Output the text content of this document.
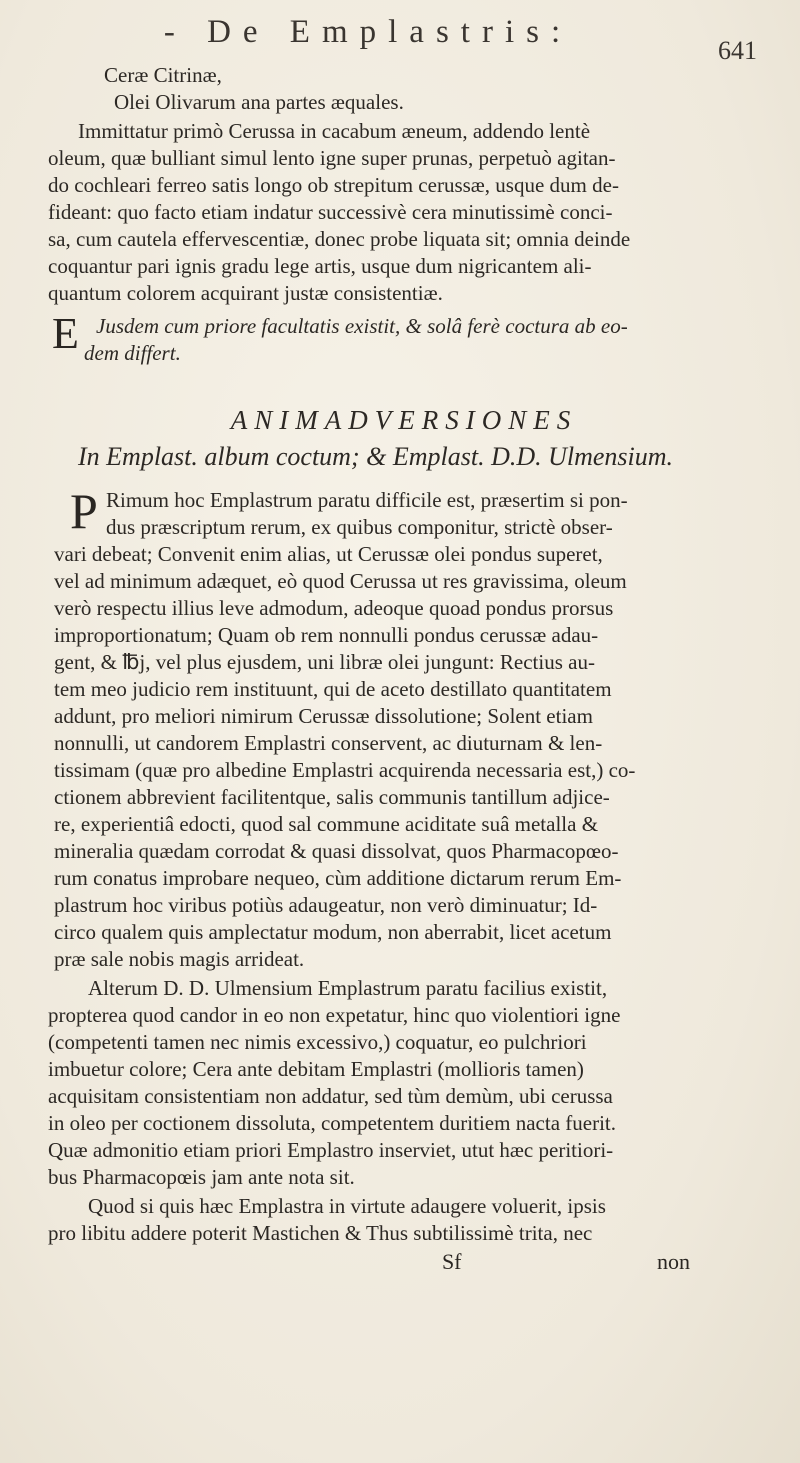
- De Emplastris:
641
Ceræ Citrinæ,
Olei Olivarum ana partes æquales.
Immittatur primò Cerussa in cacabum æneum, addendo lentè
oleum, quæ bulliant simul lento igne super prunas, perpetuò agitan-
do cochleari ferreo satis longo ob strepitum cerussæ, usque dum de-
fideant: quo facto etiam indatur successivè cera minutissimè conci-
sa, cum cautela effervescentiæ, donec probe liquata sit; omnia deinde
coquantur pari ignis gradu lege artis, usque dum nigricantem ali-
quantum colorem acquirant justæ consistentiæ.
E Jusdem cum priore facultatis existit, & solâ ferè coctura ab eo-
dem differt.
ANIMADVERSIONES
In Emplast. album coctum; & Emplast. D.D. Ulmensium.
P Rimum hoc Emplastrum paratu difficile est, præsertim si pon-
dus præscriptum rerum, ex quibus componitur, strictè obser-
vari debeat; Convenit enim alias, ut Cerussæ olei pondus superet,
vel ad minimum adæquet, eò quod Cerussa ut res gravissima, oleum
verò respectu illius leve admodum, adeoque quoad pondus prorsus
improportionatum; Quam ob rem nonnulli pondus cerussæ adau-
gent, & ℔j, vel plus ejusdem, uni libræ olei jungunt: Rectius au-
tem meo judicio rem instituunt, qui de aceto destillato quantitatem
addunt, pro meliori nimirum Cerussæ dissolutione; Solent etiam
nonnulli, ut candorem Emplastri conservent, ac diuturnam & len-
tissimam (quæ pro albedine Emplastri acquirenda necessaria est,) co-
ctionem abbrevient facilitentque, salis communis tantillum adjice-
re, experientiâ edocti, quod sal commune aciditate suâ metalla &
mineralia quædam corrodat & quasi dissolvat, quos Pharmacopœo-
rum conatus improbare nequeo, cùm additione dictarum rerum Em-
plastrum hoc viribus potiùs adaugeatur, non verò diminuatur; Id-
circo qualem quis amplectatur modum, non aberrabit, licet acetum
præ sale nobis magis arrideat.
Alterum D. D. Ulmensium Emplastrum paratu facilius existit,
propterea quod candor in eo non expetatur, hinc quo violentiori igne
(competenti tamen nec nimis excessivo,) coquatur, eo pulchriori
imbuetur colore; Cera ante debitam Emplastri (mollioris tamen)
acquisitam consistentiam non addatur, sed tùm demùm, ubi cerussa
in oleo per coctionem dissoluta, competentem duritiem nacta fuerit.
Quæ admonitio etiam priori Emplastro inserviet, utut hæc peritiori-
bus Pharmacopœis jam ante nota sit.
Quod si quis hæc Emplastra in virtute adaugere voluerit, ipsis
pro libitu addere poterit Mastichen & Thus subtilissimè trita, nec
Sf	non
